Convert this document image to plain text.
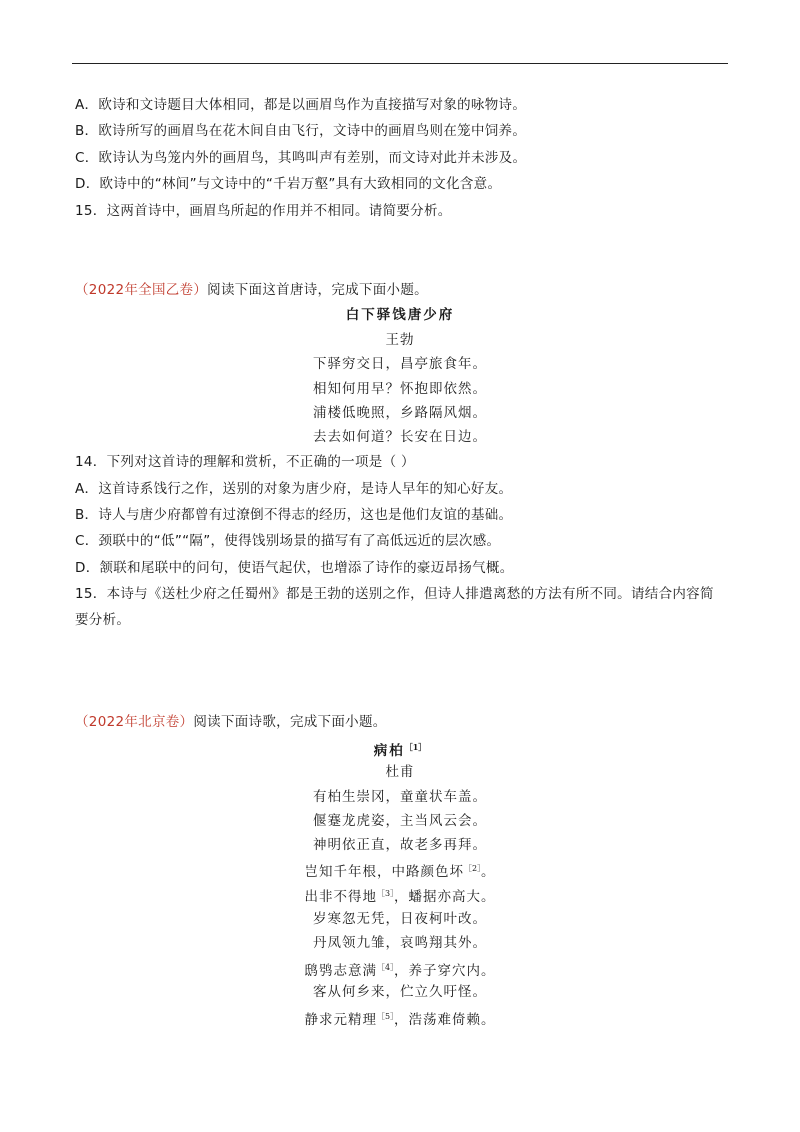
A．欧诗和文诗题目大体相同，都是以画眉鸟作为直接描写对象的咏物诗。
B．欧诗所写的画眉鸟在花木间自由飞行，文诗中的画眉鸟则在笼中饲养。
C．欧诗认为鸟笼内外的画眉鸟，其鸣叫声有差别，而文诗对此并未涉及。
D．欧诗中的“林间”与文诗中的“千岩万壑”具有大致相同的文化含意。
15．这两首诗中，画眉鸟所起的作用并不相同。请简要分析。
（2022年全国乙卷）阅读下面这首唐诗，完成下面小题。
白下驿饯唐少府
王勃
下驿穷交日，昌亭旅食年。
相知何用早？怀抱即依然。
浦楼低晚照，乡路隔风烟。
去去如何道？长安在日边。
14．下列对这首诗的理解和赏析，不正确的一项是（ ）
A．这首诗系饯行之作，送别的对象为唐少府，是诗人早年的知心好友。
B．诗人与唐少府都曾有过潦倒不得志的经历，这也是他们友谊的基础。
C．颈联中的“低”“隔”，使得饯别场景的描写有了高低远近的层次感。
D．颔联和尾联中的问句，使语气起伏，也增添了诗作的豪迈昂扬气概。
15．本诗与《送杜少府之任蜀州》都是王勃的送别之作，但诗人排遣离愁的方法有所不同。请结合内容简
要分析。
（2022年北京卷）阅读下面诗歌，完成下面小题。
病柏$^{[1]}$
杜甫
有柏生崇冈，童童状车盖。
偃蹇龙虎姿，主当风云会。
神明依正直，故老多再拜。
岂知千年根，中路颜色坏$^{[2]}$。
出非不得地$^{[3]}$，蟠据亦高大。
岁寒忽无凭，日夜柯叶改。
丹凤领九雏，哀鸣翔其外。
鸱鸮志意满$^{[4]}$，养子穿穴内。
客从何乡来，伫立久吁怪。
静求元精理$^{[5]}$，浩荡难倚赖。
